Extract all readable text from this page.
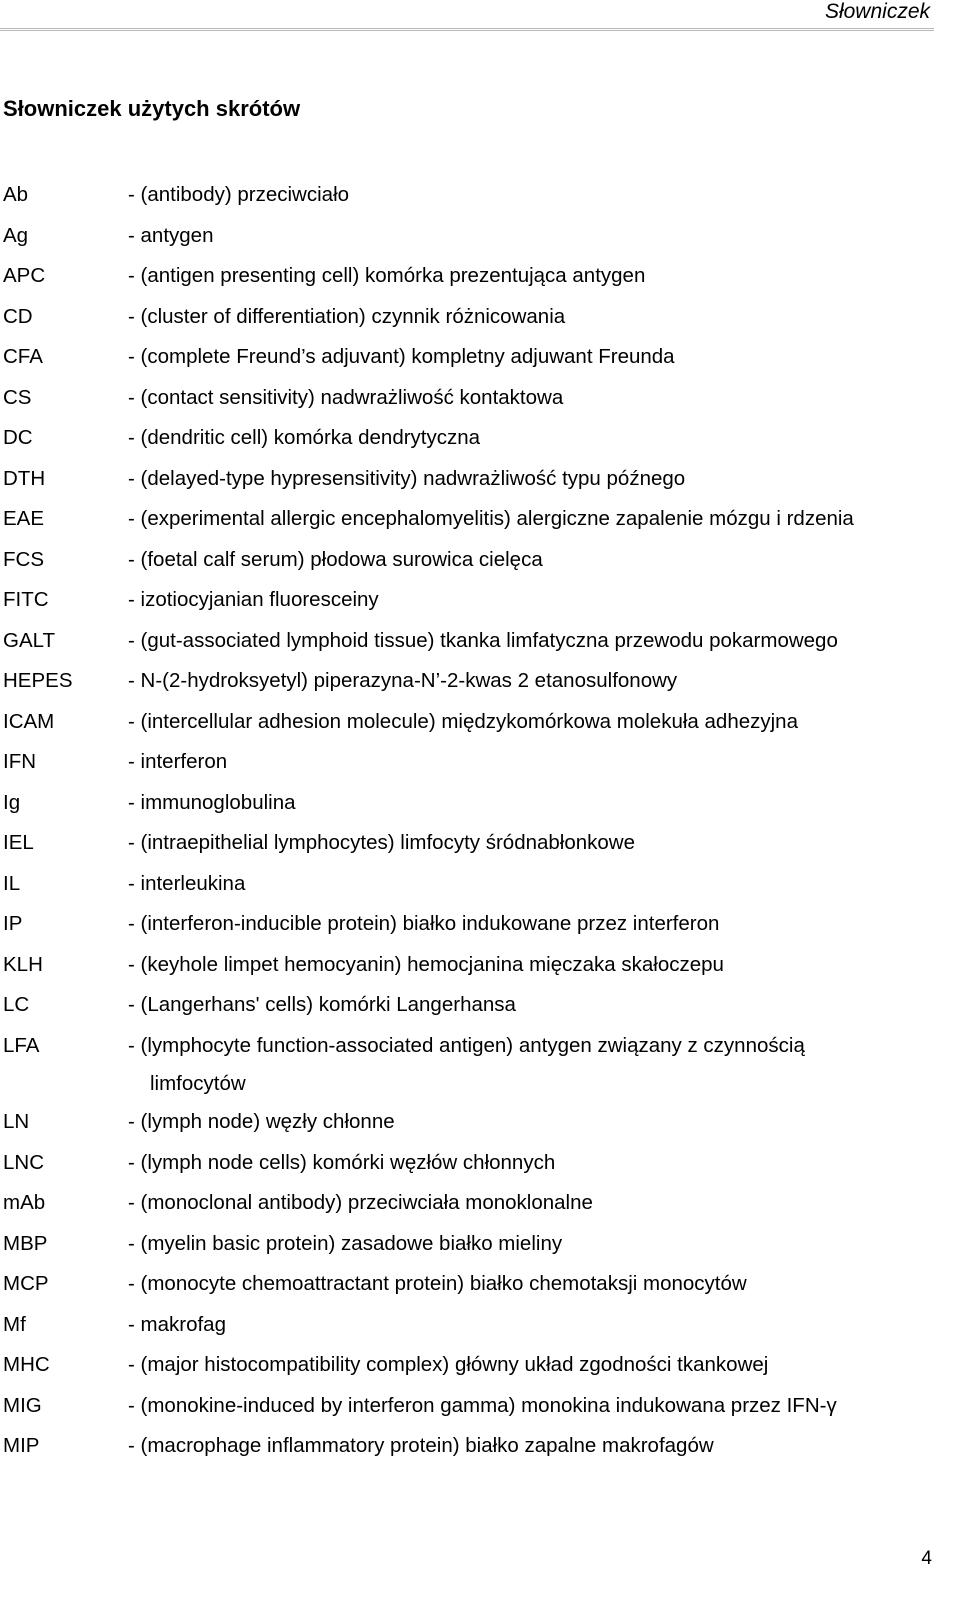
Słowniczek
Słowniczek użytych skrótów
Ab	- (antibody) przeciwciało
Ag	- antygen
APC	- (antigen presenting cell) komórka prezentująca antygen
CD	- (cluster of differentiation) czynnik różnicowania
CFA	- (complete Freund’s adjuvant) kompletny adjuwant Freunda
CS	- (contact sensitivity) nadwrażliwość kontaktowa
DC	- (dendritic cell) komórka dendrytyczna
DTH	- (delayed-type hypresensitivity) nadwrażliwość typu późnego
EAE	- (experimental allergic encephalomyelitis) alergiczne zapalenie mózgu i rdzenia
FCS	- (foetal calf serum) płodowa surowica cielęca
FITC	- izotiocyjanian fluoresceiny
GALT	- (gut-associated lymphoid tissue) tkanka limfatyczna przewodu pokarmowego
HEPES	- N-(2-hydroksyetyl) piperazyna-N’-2-kwas 2 etanosulfonowy
ICAM	- (intercellular adhesion molecule) międzykomórkowa molekuła adhezyjna
IFN	- interferon
Ig	- immunoglobulina
IEL	- (intraepithelial lymphocytes) limfocyty śródnabłonkowe
IL	- interleukina
IP	- (interferon-inducible protein) białko indukowane przez interferon
KLH	- (keyhole limpet hemocyanin) hemocjanina mięczaka skałoczepu
LC	- (Langerhans' cells) komórki Langerhansa
LFA	- (lymphocyte function-associated antigen) antygen związany z czynnością
limfocytów
LN	- (lymph node) węzły chłonne
LNC	- (lymph node cells) komórki węzłów chłonnych
mAb	- (monoclonal antibody) przeciwciała monoklonalne
MBP	- (myelin basic protein) zasadowe białko mieliny
MCP	- (monocyte chemoattractant protein) białko chemotaksji monocytów
Mf	- makrofag
MHC	- (major histocompatibility complex) główny układ zgodności tkankowej
MIG	- (monokine-induced by interferon gamma) monokina indukowana przez IFN-γ
MIP	- (macrophage inflammatory protein) białko zapalne makrofagów
4
